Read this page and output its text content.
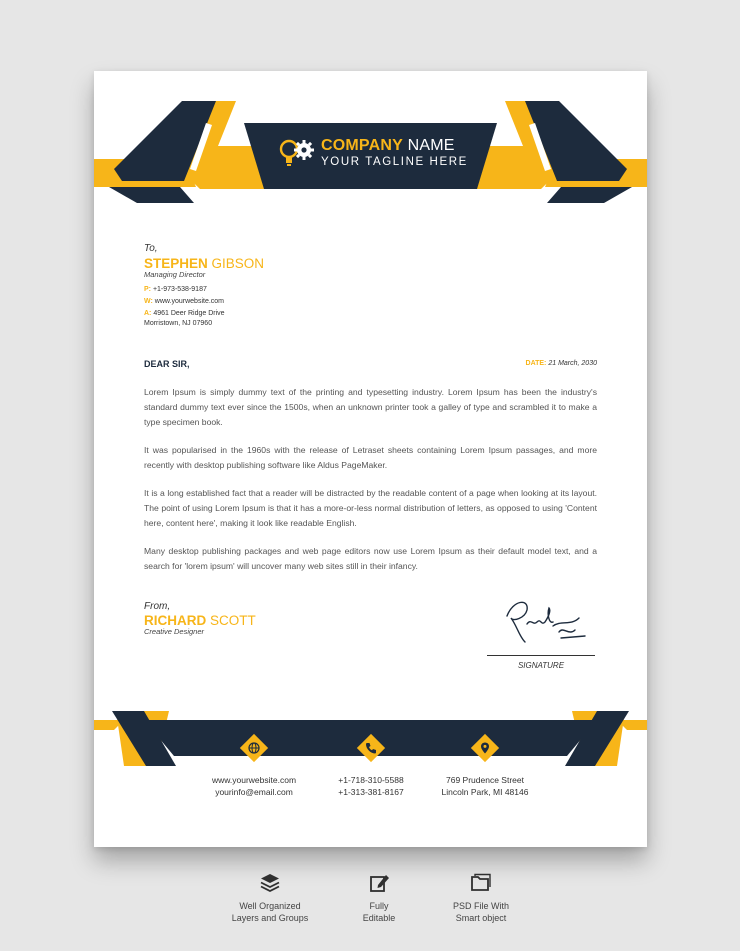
COMPANY NAME
YOUR TAGLINE HERE
To,
STEPHEN GIBSON
Managing Director
P: +1-973-538-9187
W: www.yourwebsite.com
A: 4961 Deer Ridge Drive
Morristown, NJ 07960
DEAR SIR,	DATE: 21 March, 2030
Lorem Ipsum is simply dummy text of the printing and typesetting industry. Lorem Ipsum has been the industry's standard dummy text ever since the 1500s, when an unknown printer took a galley of type and scrambled it to make a type specimen book.
It was popularised in the 1960s with the release of Letraset sheets containing Lorem Ipsum passages, and more recently with desktop publishing software like Aldus PageMaker.
It is a long established fact that a reader will be distracted by the readable content of a page when looking at its layout. The point of using Lorem Ipsum is that it has a more-or-less normal distribution of letters, as opposed to using 'Content here, content here', making it look like readable English.
Many desktop publishing packages and web page editors now use Lorem Ipsum as their default model text, and a search for 'lorem ipsum' will uncover many web sites still in their infancy.
From,
RICHARD SCOTT
Creative Designer
SIGNATURE
www.yourwebsite.com
yourinfo@email.com
+1-718-310-5588
+1-313-381-8167
769 Prudence Street
Lincoln Park, MI 48146
Well Organized
Layers and Groups
Fully
Editable
PSD File With
Smart object
